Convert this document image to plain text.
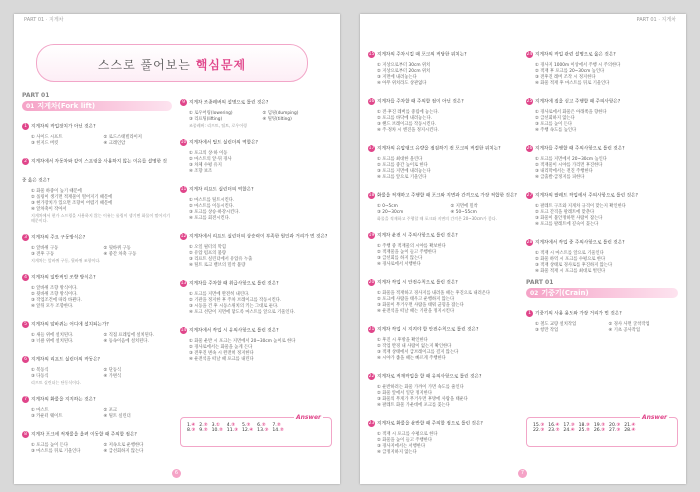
PART 01 · 지게차
스스로 풀어보는 핵심문제
PART 01
01 지게차(Fork lift)
1 지게차의 작업장치가 아닌 것은?
① 사이드 시프트	② 로드스태빌라이저
③ 힌지드 버킷	④ 크레인암
2 지게차에서 자동차와 같이 스프링을 사용하지 않는 이유를 설명한 것 중 옳은 것은?
① 화물 하중이 높기 때문에
② 롤링이 생기면 적재물이 떨어지기 때문에
③ 현가장치가 있으면 조향이 어렵기 때문에
④ 앞차축이 작아서
지게차에서 현가 스프링을 사용하지 않는 이유는 롤링이 생기면 화물이 떨어지기 때문이다.
3 지게차의 주요 구동방식은?
① 앞바퀴 구동	② 뒷바퀴 구동
③ 전후 구동	④ 중간 차축 구동
지게차는 앞바퀴 구동, 뒷바퀴 조향이다.
4 지게차의 일반적인 조향 방식은?
① 앞바퀴 조향 방식이다.
② 뒷바퀴 조향 방식이다.
③ 작업조건에 따라 바뀐다.
④ 앞뒤 모두 조향한다.
5 지게차의 앞바퀴는 어디에 설치되는가?
① 새들 위에 설치된다.	② 직접 프레임에 설치된다.
③ 너클 위에 설치된다.	④ 등속이음에 설치된다.
6 지게차의 리프트 실린더의 작동은?
① 복동식	② 단동식
③ 다동식	④ 가변식
리프트 실린더는 단동식이다.
7 지게차의 화물을 지지하는 것은?
① 마스트	② 포크
③ 카운터 웨이트	④ 틸트 실린더
8 지게차 포크에 적재물을 올려 이동할 때 주의할 점은?
① 포크를 높이 든다	② 저속으로 운행한다
③ 마스트를 뒤로 기울인다	④ 급선회하지 않는다
9 지게차 조종레버의 설명으로 틀린 것은?
① 로우어링(lowering)	② 덤핑(dumping)
③ 리프팅(lifting)	④ 틸팅(tilting)
조종레버: 리프트, 틸트, 로우어링
10 지게차에서 틸트 실린더의 역할은?
① 포크의 상·하 이동
② 마스트의 앞·뒤 경사
③ 차체 수평 유지
④ 조향 보조
11 지게차 리프트 실린더의 역할은?
① 마스트를 틸트시킨다.
② 마스트를 이동시킨다.
③ 포크를 상승·하강시킨다.
④ 포크를 회전시킨다.
12 지게차에서 리프트 실린더의 상승력이 부족한 원인과 거리가 먼 것은?
① 오일 필터의 막힘
② 유압 펌프의 불량
③ 리프트 실린더에서 유압유 누출
④ 틸트 로크 밸브의 밀착 불량
13 지게차를 주차할 때 취급사항으로 틀린 것은?
① 포크를 지면에 완전히 내린다.
② 기관을 정지한 후 주차 브레이크를 작동시킨다.
③ 시동을 건 후 시동스위치의 키는 그대로 둔다.
④ 포크 선단이 지면에 닿도록 마스트를 앞으로 기울인다.
14 지게차에서 작업 시 유의사항으로 틀린 것은?
① 화물 운반 시 포크는 지면에서 20~30cm 높이로 한다
② 경사로에서는 화물을 높게 든다
③ 전후진 변속 시 완전히 정지한다
④ 운전석을 떠날 때 포크를 내린다
Answer
1.④	2.②	3.①	4.②	5.②	6.②	7.②
8.③	9.②	10.②	11.③	12.④	13.③	14.②
6
PART 01 · 지게차
15 지게차의 주차시킬 때 포크의 적당한 위치는?
① 지상으로부터 30cm 위치
② 지상으로부터 20cm 위치
③ 지면에 내려놓는다
④ 아무 위치라도 상관없다
16 지게차를 주차할 때 주의할 점이 아닌 것은?
① 전·후진 레버를 중립에 놓는다.
② 포크를 바닥에 내려놓는다.
③ 핸드 브레이크를 작동시킨다.
④ 주·정차 시 엔진을 정지시킨다.
17 지게차의 유압탱크 유량을 점검하기 전 포크의 적절한 위치는?
① 포크를 최대한 올린다
② 포크를 중간 높이로 한다
③ 포크를 지면에 내려놓는다
④ 포크를 앞으로 기울인다
18 화물을 적재하고 주행할 때 포크와 지면과 간격으로 가장 적합한 것은?
① 0~5cm	② 지면에 밀착
③ 20~30cm	④ 50~55cm
화물을 적재하고 주행할 때 포크와 지면의 간격은 20~30cm가 좋다.
19 지게차 운전 시 주의사항으로 틀린 것은?
① 주행 중 적재물의 시야를 확보한다
② 적재물을 높이 들고 주행한다
③ 급선회를 하지 않는다
④ 경사로에서 서행한다
20 지게차 작업 시 안전수칙으로 틀린 것은?
① 화물을 적재하고 경사지를 내려올 때는 후진으로 내려온다
② 포크에 사람을 태우고 운행하지 않는다
③ 화물이 무거우면 사람을 태워 균형을 잡는다
④ 운전석을 떠날 때는 기관을 정지시킨다
21 지게차 작업 시 지켜야 할 안전수칙으로 틀린 것은?
① 후진 시 후방을 확인한다
② 작업 반경 내 사람이 없는지 확인한다
③ 적재 상태에서 급브레이크를 걸지 않는다
④ 시야가 좁을 때는 빠르게 주행한다
22 지게차로 적재작업을 할 때 유의사항으로 틀린 것은?
① 운반하려는 화물 가까이 가면 속도를 줄인다
② 화물 앞에서 일단 정지한다
③ 화물의 무게가 무거우면 후방에 사람을 태운다
④ 팔레트 화물 가운데에 포크를 꽂는다
23 지게차로 화물을 운반할 때 주의할 점으로 틀린 것은?
① 적재 시 포크를 수평으로 한다
② 화물을 높이 들고 주행한다
③ 경사지에서는 서행한다
④ 급정지하지 않는다
24 지게차의 작업 관련 설명으로 옳은 것은?
① 경사지 1000m 이상에서 주행 시 주의한다
② 적재 후 포크를 20~30cm 높인다
③ 전후진 레버 조작 시 정지한다
④ 화물 적재 후 마스트를 뒤로 기울인다
25 지게차에 짐을 싣고 주행할 때 주의사항은?
① 경사로에서 화물은 아래쪽을 향한다
② 급선회하지 않는다
③ 포크를 높이 든다
④ 주행 속도를 높인다
26 지게차를 주행할 때 주의사항으로 틀린 것은?
① 포크를 지면에서 20~30cm 높인다
② 적재물이 시야를 가리면 후진한다
③ 내리막에서는 전진 주행한다
④ 급출발·급정지를 피한다
27 지게차의 팔레트 작업에서 주의사항으로 틀린 것은?
① 팔레트 구조와 지게차 규격이 맞는지 확인한다
② 포크 간격을 팔레트에 맞춘다
③ 화물이 불안정하면 사람이 잡는다
④ 포크를 팔레트에 깊숙이 꽂는다
28 지게차에서 작업 중 주의사항으로 틀린 것은?
① 적재 시 마스트를 앞으로 기울인다
② 화물 하역 시 포크를 수평으로 한다
③ 적재 상태로 경사로를 후진하지 않는다
④ 화물 적재 시 포크를 최대로 벌린다
PART 01
02 기중기(Crain)
1 기중기의 사용 용도와 가장 거리가 먼 것은?
① 철도 교량 설치작업	② 경사 사면 굴착작업
③ 항만 작업	④ 기초 공사작업
Answer
15.③	16.④	17.③	18.③	19.②	20.③	21.④
22.③	23.②	24.④	25.②	26.③	27.③	28.④
7
